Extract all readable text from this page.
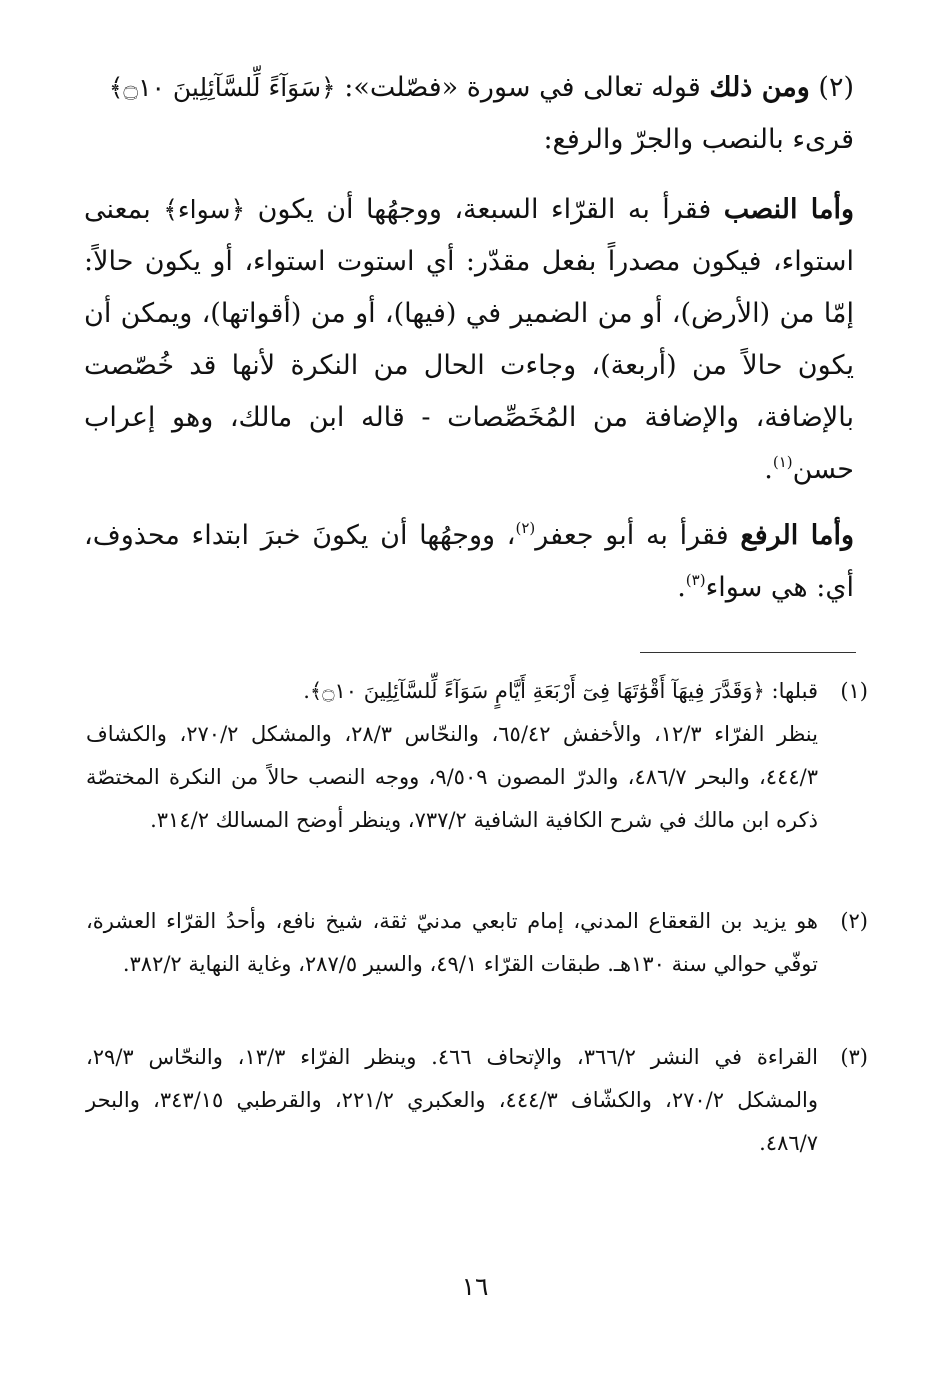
(٢) ومن ذلك قوله تعالى في سورة «فصّلت»: ﴿سَوَآءً لِّلسَّآئِلِينَ ۝١٠﴾
قرىء بالنصب والجرّ والرفع:
وأما النصب فقرأ به القرّاء السبعة، ووجهُها أن يكون ﴿سواء﴾ بمعنى استواء، فيكون مصدراً بفعل مقدّر: أي استوت استواء، أو يكون حالاً: إمّا من (الأرض)، أو من الضمير في (فيها)، أو من (أقواتها)، ويمكن أن يكون حالاً من (أربعة)، وجاءت الحال من النكرة لأنها قد خُصّصت بالإضافة، والإضافة من المُخَصِّصات - قاله ابن مالك، وهو إعراب حسن$^{(١)}$.
وأما الرفع فقرأ به أبو جعفر$^{(٢)}$، ووجهُها أن يكونَ خبرَ ابتداء محذوف، أي: هي سواء$^{(٣)}$.
(١)
قبلها: ﴿وَقَدَّرَ فِيهَآ أَقْوَٰتَهَا فِىٓ أَرْبَعَةِ أَيَّامٍ سَوَآءً لِّلسَّآئِلِينَ ۝١٠﴾.
ينظر الفرّاء ١٢/٣، والأخفش ٦٥/٤٢، والنحّاس ٢٨/٣، والمشكل ٢٧٠/٢، والكشاف ٤٤٤/٣، والبحر ٤٨٦/٧، والدرّ المصون ٩/٥٠٩، ووجه النصب حالاً من النكرة المختصّة ذكره ابن مالك في شرح الكافية الشافية ٧٣٧/٢، وينظر أوضح المسالك ٣١٤/٢.
(٢)
هو يزيد بن القعقاع المدني، إمام تابعي مدنيّ ثقة، شيخ نافع، وأحدُ القرّاء العشرة، توفّي حوالي سنة ١٣٠هـ. طبقات القرّاء ٤٩/١، والسير ٢٨٧/٥، وغاية النهاية ٣٨٢/٢.
(٣)
القراءة في النشر ٣٦٦/٢، والإتحاف ٤٦٦. وينظر الفرّاء ١٣/٣، والنحّاس ٢٩/٣، والمشكل ٢٧٠/٢، والكشّاف ٤٤٤/٣، والعكبري ٢٢١/٢، والقرطبي ٣٤٣/١٥، والبحر ٤٨٦/٧.
١٦
